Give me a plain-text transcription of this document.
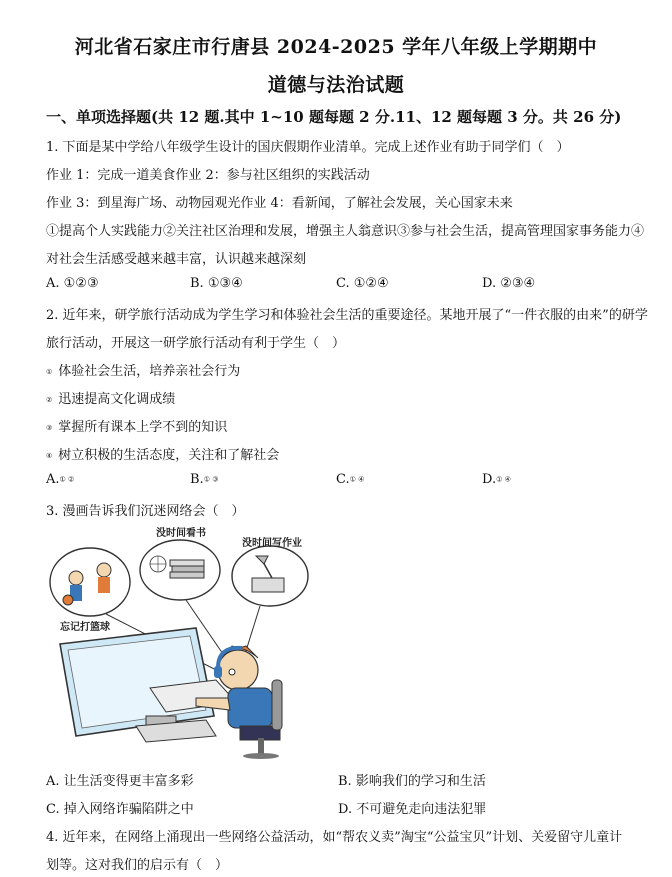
河北省石家庄市行唐县 2024-2025 学年八年级上学期期中
道德与法治试题
一、单项选择题(共 12 题.其中 1~10 题每题 2 分.11、12 题每题 3 分。共 26 分)
1. 下面是某中学给八年级学生设计的国庆假期作业清单。完成上述作业有助于同学们（　）
作业 1：完成一道美食作业 2：参与社区组织的实践活动
作业 3：到星海广场、动物园观光作业 4：看新闻，了解社会发展，关心国家未来
①提高个人实践能力②关注社区治理和发展，增强主人翁意识③参与社会生活，提高管理国家事务能力④
对社会生活感受越来越丰富，认识越来越深刻
A. ①②③	B. ①③④	C. ①②④	D. ②③④
2. 近年来，研学旅行活动成为学生学习和体验社会生活的重要途径。某地开展了“一件衣服的由来”的研学
旅行活动，开展这一研学旅行活动有利于学生（　）
① 体验社会生活，培养亲社会行为
② 迅速提高文化调成绩
③ 掌握所有课本上学不到的知识
④ 树立积极的生活态度，关注和了解社会
A.① ②	B.① ③	C.① ④	D.① ④
3. 漫画告诉我们沉迷网络会（　）
忘记打篮球
没时间看书
没时间写作业
A. 让生活变得更丰富多彩	B. 影响我们的学习和生活
C. 掉入网络诈骗陷阱之中	D. 不可避免走向违法犯罪
4. 近年来，在网络上涌现出一些网络公益活动，如“帮农义卖”淘宝“公益宝贝”计划、关爱留守儿童计
划等。这对我们的启示有（　）
